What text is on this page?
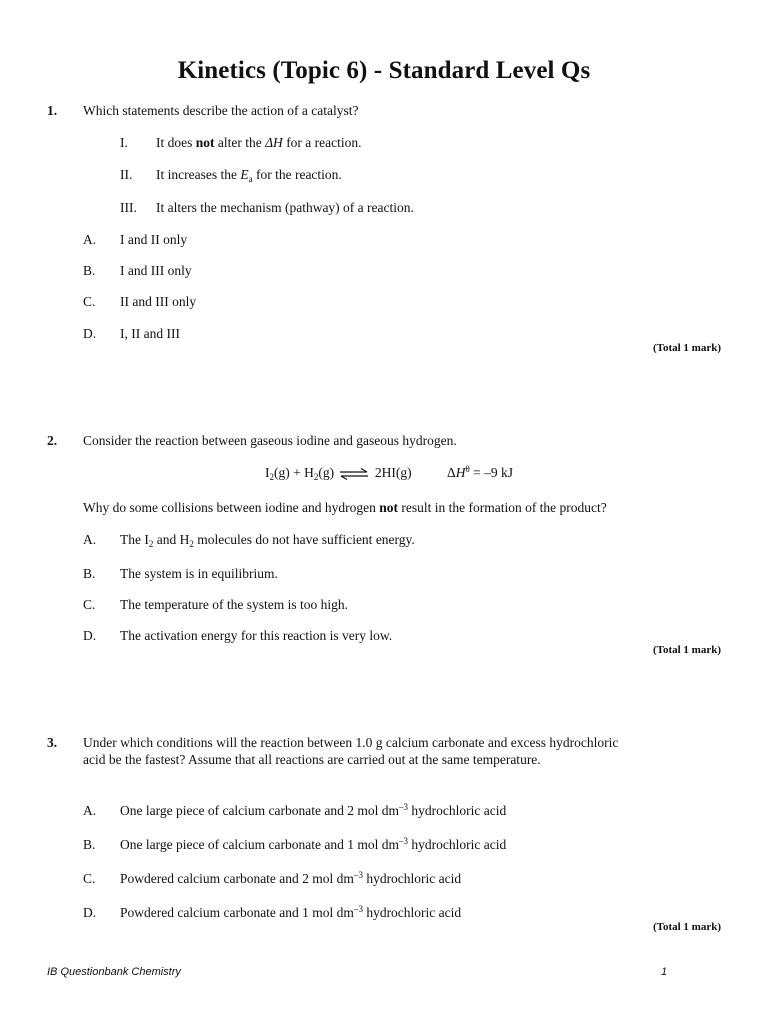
Kinetics (Topic 6) - Standard Level Qs
1. Which statements describe the action of a catalyst?
I. It does not alter the ΔH for a reaction.
II. It increases the $E_a$ for the reaction.
III. It alters the mechanism (pathway) of a reaction.
A. I and II only
B. I and III only
C. II and III only
D. I, II and III
(Total 1 mark)
2. Consider the reaction between gaseous iodine and gaseous hydrogen.
$I_2(g) + H_2(g)$ ⇌ 2HI(g)	$\Delta H^\theta = -9$ kJ
Why do some collisions between iodine and hydrogen not result in the formation of the product?
A. The $I_2$ and $H_2$ molecules do not have sufficient energy.
B. The system is in equilibrium.
C. The temperature of the system is too high.
D. The activation energy for this reaction is very low.
(Total 1 mark)
3. Under which conditions will the reaction between 1.0 g calcium carbonate and excess hydrochloric acid be the fastest? Assume that all reactions are carried out at the same temperature.
A. One large piece of calcium carbonate and 2 mol $dm^{-3}$ hydrochloric acid
B. One large piece of calcium carbonate and 1 mol $dm^{-3}$ hydrochloric acid
C. Powdered calcium carbonate and 2 mol $dm^{-3}$ hydrochloric acid
D. Powdered calcium carbonate and 1 mol $dm^{-3}$ hydrochloric acid
(Total 1 mark)
IB Questionbank Chemistry	1
